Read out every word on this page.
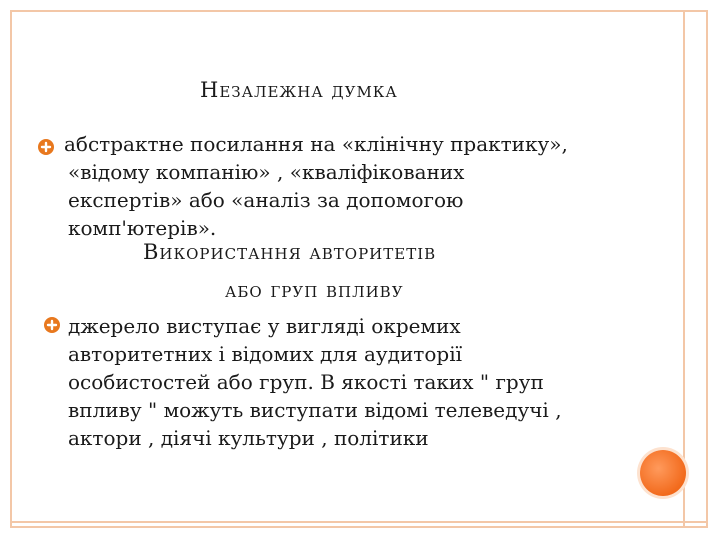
Незалежна думка
абстрактне посилання на «клінічну практику»,
«відому компанію» , «кваліфікованих
експертів» або «аналіз за допомогою
комп'ютерів».
Використання авторитетів
або груп впливу
джерело виступає у вигляді окремих
авторитетних і відомих для аудиторії
особистостей або груп. В якості таких " груп
впливу " можуть виступати відомі телеведучі ,
актори , діячі культури , політики
